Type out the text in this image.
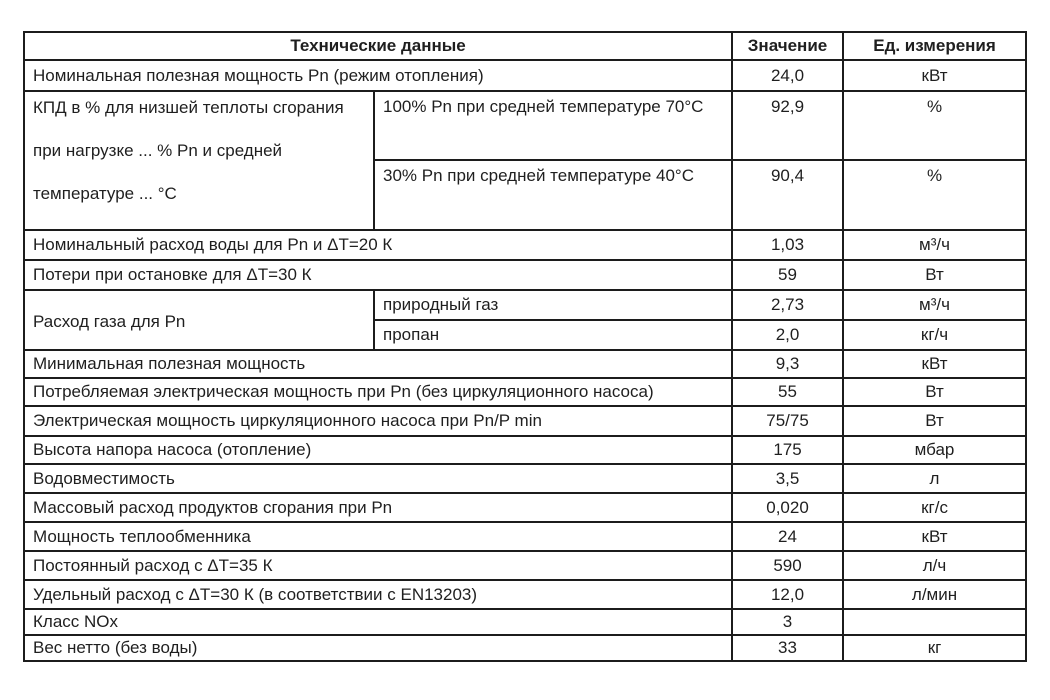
Технические данные		Значение	Ед. измерения
Номинальная полезная мощность Pn (режим отопления)		24,0	кВт

КПД в % для низшей теплоты сгорания
при нагрузке ... % Pn и средней
температуре ... °С	100% Pn при средней температуре 70°C	92,9	%
	30% Pn при средней температуре 40°C	90,4	%
Номинальный расход воды для Pn и ΔT=20 К		1,03	м³/ч
Потери при остановке для ΔT=30 К		59	Вт
Расход газа для Pn	природный газ	2,73	м³/ч
	пропан	2,0	кг/ч
Минимальная полезная мощность		9,3	кВт
Потребляемая электрическая мощность при Pn (без циркуляционного насоса)		55	Вт
Электрическая мощность циркуляционного насоса при Pn/P min		75/75	Вт
Высота напора насоса (отопление)		175	мбар
Водовместимость		3,5	л
Массовый расход продуктов сгорания при Pn		0,020	кг/с
Мощность теплообменника		24	кВт
Постоянный расход с ΔT=35 К		590	л/ч
Удельный расход с ΔT=30 К (в соответствии с EN13203)		12,0	л/мин
Класс NOx		3	
Вес нетто (без воды)		33	кг
